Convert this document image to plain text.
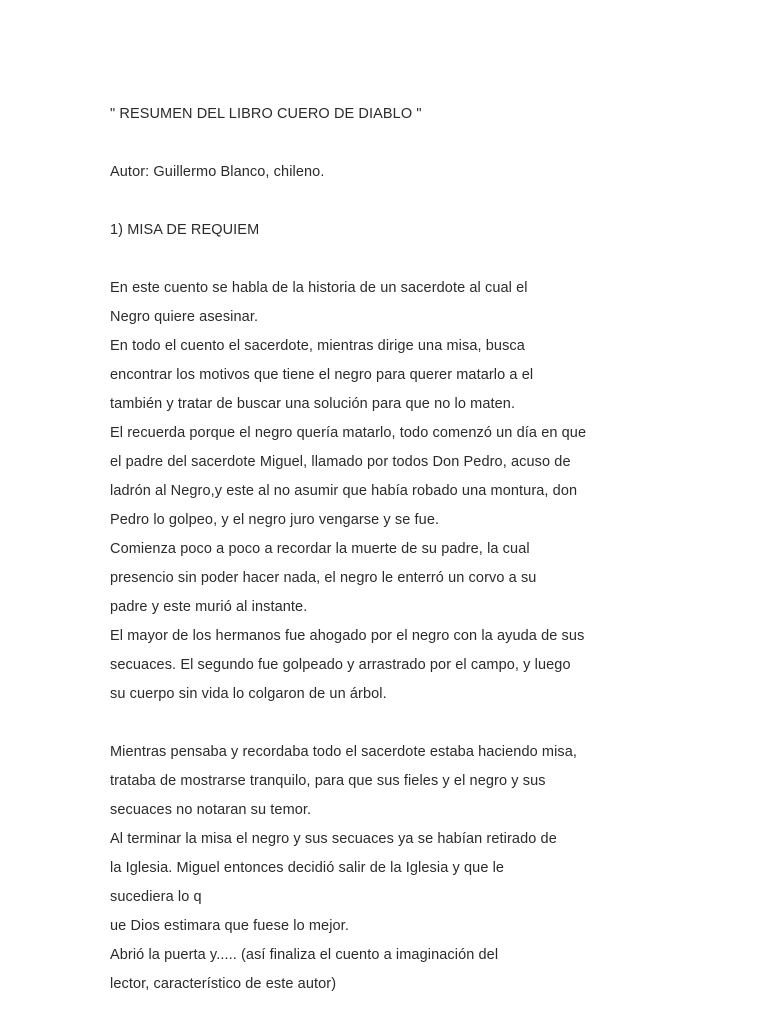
" RESUMEN DEL LIBRO CUERO DE DIABLO "
Autor: Guillermo Blanco, chileno.
1) MISA DE REQUIEM
En este cuento se habla de la historia de un sacerdote al cual el
Negro quiere asesinar.
En todo el cuento el sacerdote, mientras dirige una misa, busca
encontrar los motivos que tiene el negro para querer matarlo a el
también y tratar de buscar una solución para que no lo maten.
El recuerda porque el negro quería matarlo, todo comenzó un día en que
el padre del sacerdote Miguel, llamado por todos Don Pedro, acuso de
ladrón al Negro,y este al no asumir que había robado una montura, don
Pedro lo golpeo, y el negro juro vengarse y se fue.
Comienza poco a poco a recordar la muerte de su padre, la cual
presencio sin poder hacer nada, el negro le enterró un corvo a su
padre y este murió al instante.
El mayor de los hermanos fue ahogado por el negro con la ayuda de sus
secuaces. El segundo fue golpeado y arrastrado por el campo, y luego
su cuerpo sin vida lo colgaron de un árbol.
Mientras pensaba y recordaba todo el sacerdote estaba haciendo misa,
trataba de mostrarse tranquilo, para que sus fieles y el negro y sus
secuaces no notaran su temor.
Al terminar la misa el negro y sus secuaces ya se habían retirado de
la Iglesia. Miguel entonces decidió salir de la Iglesia y que le
sucediera lo q
ue Dios estimara que fuese lo mejor.
Abrió la puerta y..... (así finaliza el cuento a imaginación del
lector, característico de este autor)
